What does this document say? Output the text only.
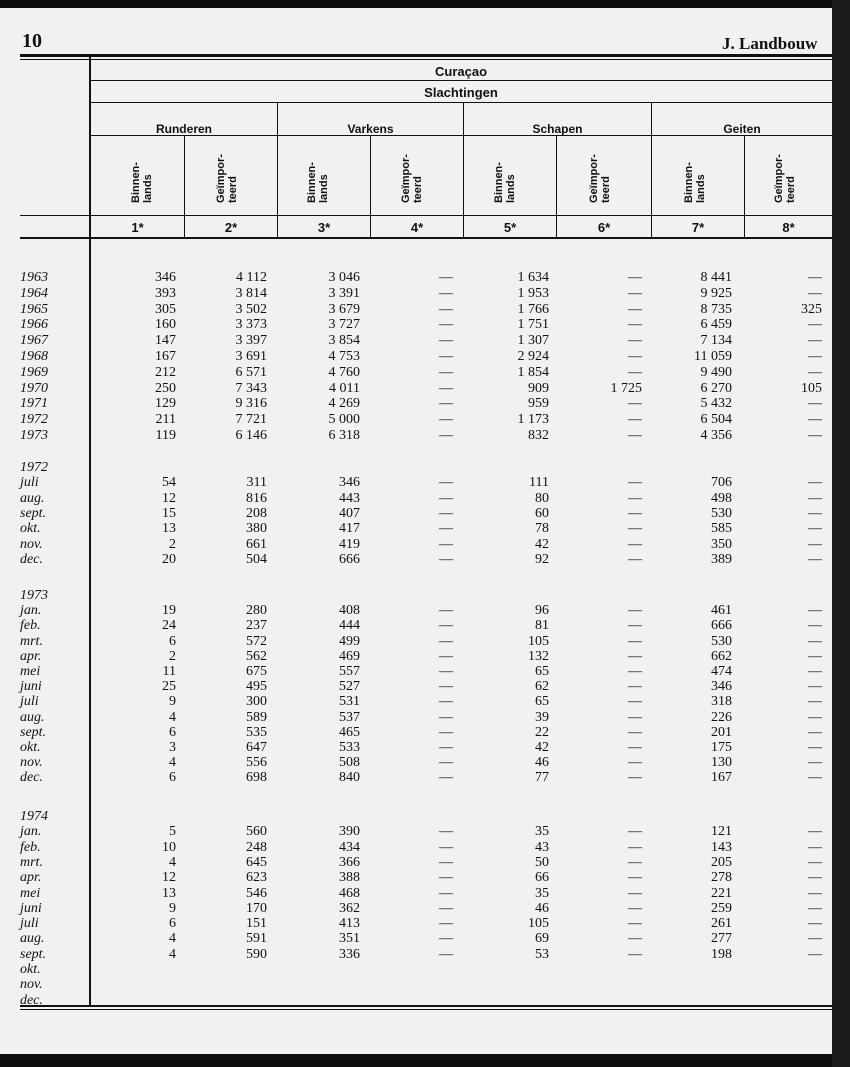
10	J. Landbouw
Curaçao
Slachtingen
Runderen	Varkens	Schapen	Geiten
Binnen- lands	Geïmpor- teerd	Binnen- lands	Geïmpor- teerd	Binnen- lands	Geïmpor- teerd	Binnen- lands	Geïmpor- teerd
1*	2*	3*	4*	5*	6*	7*	8*
1963	346	4 112	3 046	—	1 634	—	8 441	—
1964	393	3 814	3 391	—	1 953	—	9 925	—
1965	305	3 502	3 679	—	1 766	—	8 735	325
1966	160	3 373	3 727	—	1 751	—	6 459	—
1967	147	3 397	3 854	—	1 307	—	7 134	—
1968	167	3 691	4 753	—	2 924	—	11 059	—
1969	212	6 571	4 760	—	1 854	—	9 490	—
1970	250	7 343	4 011	—	909	1 725	6 270	105
1971	129	9 316	4 269	—	959	—	5 432	—
1972	211	7 721	5 000	—	1 173	—	6 504	—
1973	119	6 146	6 318	—	832	—	4 356	—
1972
juli	54	311	346	—	111	—	706	—
aug.	12	816	443	—	80	—	498	—
sept.	15	208	407	—	60	—	530	—
okt.	13	380	417	—	78	—	585	—
nov.	2	661	419	—	42	—	350	—
dec.	20	504	666	—	92	—	389	—
1973
jan.	19	280	408	—	96	—	461	—
feb.	24	237	444	—	81	—	666	—
mrt.	6	572	499	—	105	—	530	—
apr.	2	562	469	—	132	—	662	—
mei	11	675	557	—	65	—	474	—
juni	25	495	527	—	62	—	346	—
juli	9	300	531	—	65	—	318	—
aug.	4	589	537	—	39	—	226	—
sept.	6	535	465	—	22	—	201	—
okt.	3	647	533	—	42	—	175	—
nov.	4	556	508	—	46	—	130	—
dec.	6	698	840	—	77	—	167	—
1974
jan.	5	560	390	—	35	—	121	—
feb.	10	248	434	—	43	—	143	—
mrt.	4	645	366	—	50	—	205	—
apr.	12	623	388	—	66	—	278	—
mei	13	546	468	—	35	—	221	—
juni	9	170	362	—	46	—	259	—
juli	6	151	413	—	105	—	261	—
aug.	4	591	351	—	69	—	277	—
sept.	4	590	336	—	53	—	198	—
okt.
nov.
dec.
